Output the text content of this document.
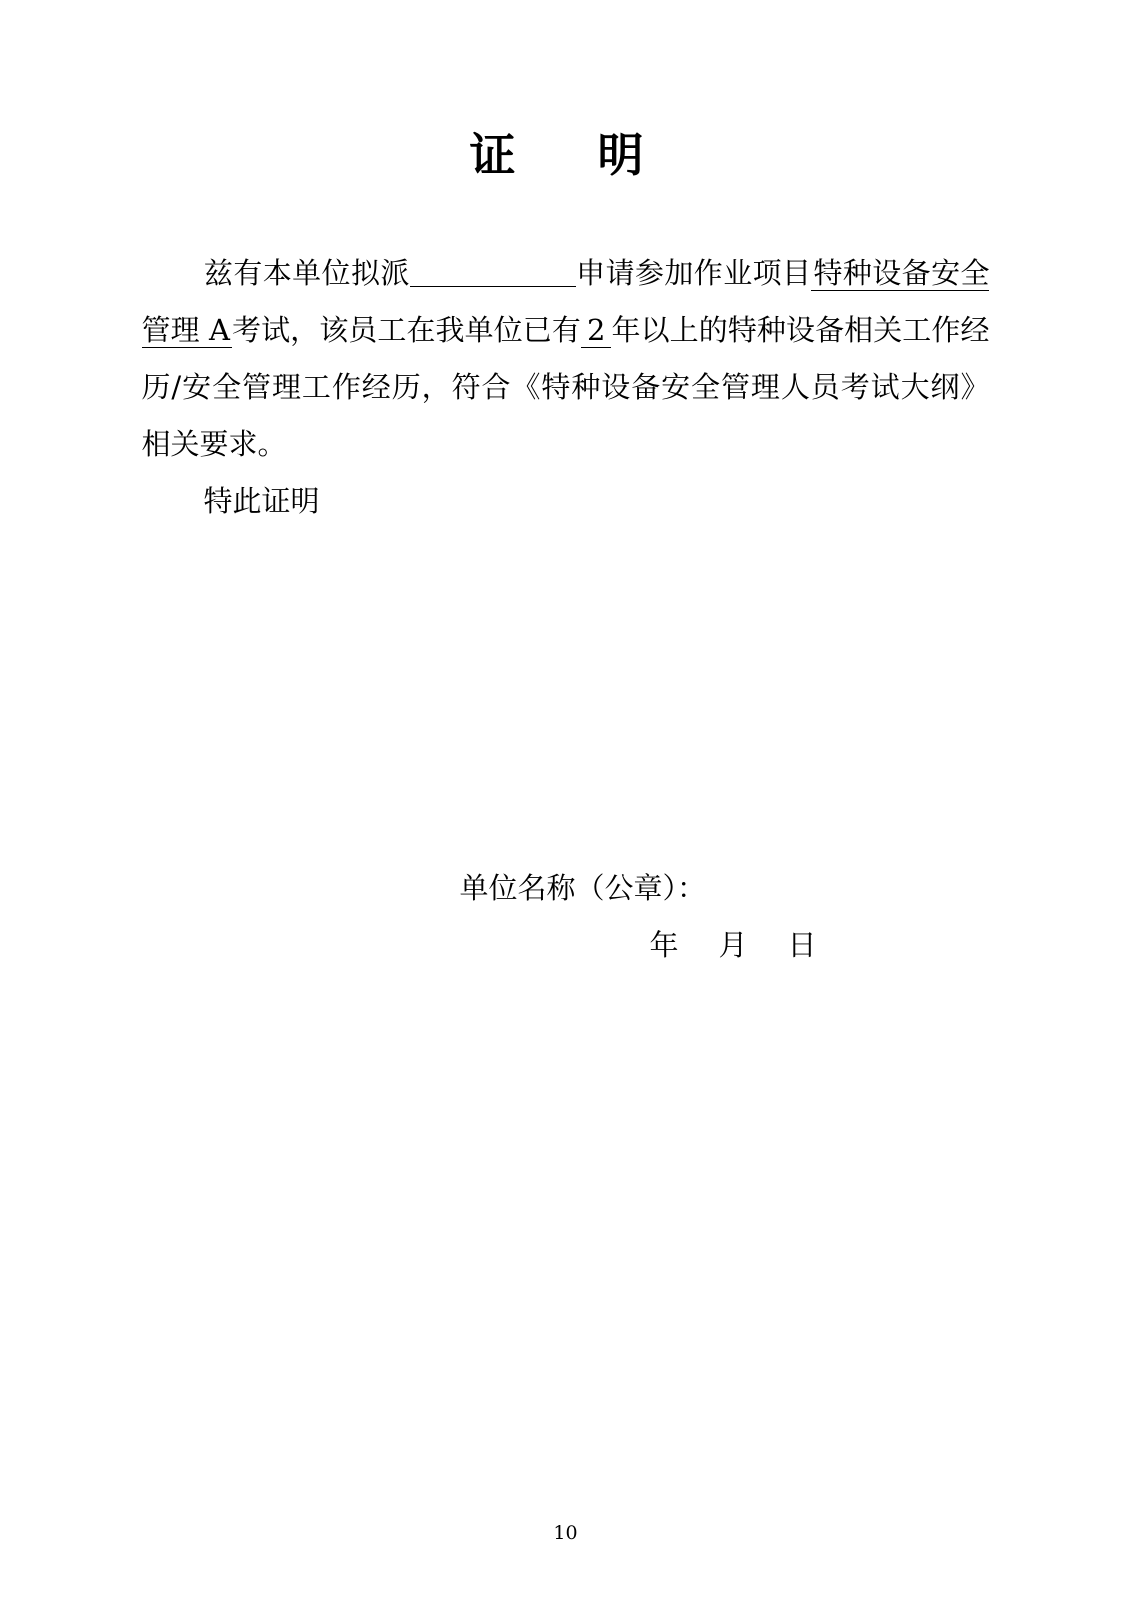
证　明

兹有本单位拟派	申请参加作业项目特种设备安全管理 A考试，该员工在我单位已有 2 年以上的特种设备相关工作经历/安全管理工作经历，符合《特种设备安全管理人员考试大纲》相关要求。

特此证明

单位名称（公章）：

年 月 日

10
